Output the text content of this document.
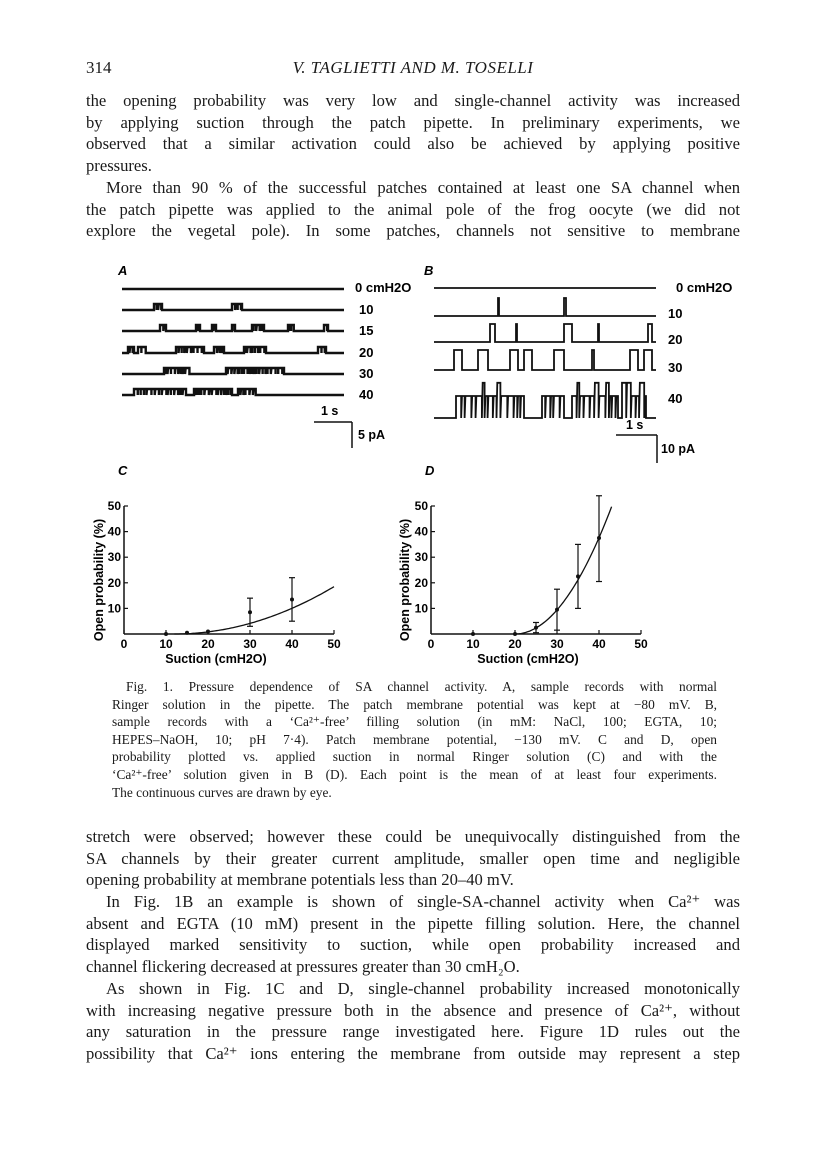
314	V. TAGLIETTI AND M. TOSELLI
the opening probability was very low and single-channel activity was increased
by applying suction through the patch pipette. In preliminary experiments, we
observed that a similar activation could also be achieved by applying positive
pressures.
More than 90 % of the successful patches contained at least one SA channel when
the patch pipette was applied to the animal pole of the frog oocyte (we did not
explore the vegetal pole). In some patches, channels not sensitive to membrane
A
0 cmH2O
10
15
20
30
40
1 s
5 pA
B
0 cmH2O
10
20
30
40
1 s
10 pA
C
Open probability (%)
Suction (cmH2O)
0	10 20 30 40 50
50
40
30
20
10
D
Open probability (%)
Suction (cmH2O)
0	10 20 30 40 50
50
40
30
20
10
Fig. 1. Pressure dependence of SA channel activity. A, sample records with normal
Ringer solution in the pipette. The patch membrane potential was kept at −80 mV. B,
sample records with a ‘Ca²⁺-free’ filling solution (in mM: NaCl, 100; EGTA, 10;
HEPES–NaOH, 10; pH 7·4). Patch membrane potential, −130 mV. C and D, open
probability plotted vs. applied suction in normal Ringer solution (C) and with the
‘Ca²⁺-free’ solution given in B (D). Each point is the mean of at least four experiments.
The continuous curves are drawn by eye.
stretch were observed; however these could be unequivocally distinguished from the
SA channels by their greater current amplitude, smaller open time and negligible
opening probability at membrane potentials less than 20–40 mV.
In Fig. 1B an example is shown of single-SA-channel activity when Ca²⁺ was
absent and EGTA (10 mM) present in the pipette filling solution. Here, the channel
displayed marked sensitivity to suction, while open probability increased and
channel flickering decreased at pressures greater than 30 cmH₂O.
As shown in Fig. 1C and D, single-channel probability increased monotonically
with increasing negative pressure both in the absence and presence of Ca²⁺, without
any saturation in the pressure range investigated here. Figure 1D rules out the
possibility that Ca²⁺ ions entering the membrane from outside may represent a step
